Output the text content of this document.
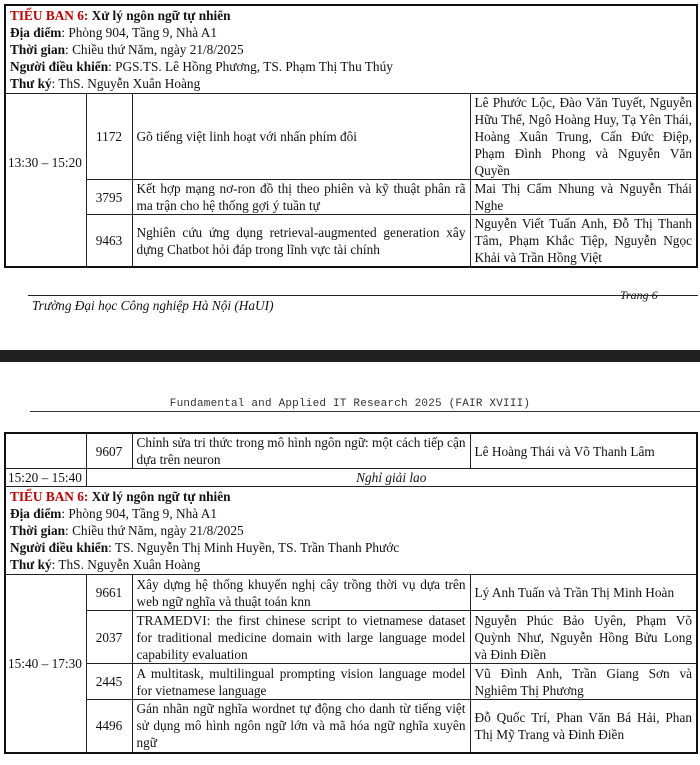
TIỂU BAN 6: Xử lý ngôn ngữ tự nhiên
Địa điểm: Phòng 904, Tầng 9, Nhà A1
Thời gian: Chiều thứ Năm, ngày 21/8/2025
Người điều khiển: PGS.TS. Lê Hồng Phương, TS. Phạm Thị Thu Thúy
Thư ký: ThS. Nguyễn Xuân Hoàng			

13:30 – 15:20	1172	Gõ tiếng việt linh hoạt với nhấn phím đôi	Lê Phước Lộc, Đào Văn Tuyết, Nguyễn Hữu Thể, Ngô Hoàng Huy, Tạ Yên Thái, Hoàng Xuân Trung, Cấn Đức Điệp, Phạm Đình Phong và Nguyễn Văn Quyền
	3795	Kết hợp mạng nơ-ron đồ thị theo phiên và kỹ thuật phân rã ma trận cho hệ thống gợi ý tuần tự	Mai Thị Cẩm Nhung và Nguyễn Thái Nghe
	9463	Nghiên cứu ứng dụng retrieval-augmented generation xây dựng Chatbot hỏi đáp trong lĩnh vực tài chính	Nguyễn Viết Tuấn Anh, Đỗ Thị Thanh Tâm, Phạm Khắc Tiệp, Nguyễn Ngọc Khải và Trần Hồng Việt
Trang 6
Trường Đại học Công nghiệp Hà Nội (HaUI)
Fundamental and Applied IT Research 2025 (FAIR XVIII)
	9607	Chỉnh sửa tri thức trong mô hình ngôn ngữ: một cách tiếp cận dựa trên neuron	Lê Hoàng Thái và Võ Thanh Lâm
15:20 – 15:40	Nghỉ giải lao		

TIỂU BAN 6: Xử lý ngôn ngữ tự nhiên
Địa điểm: Phòng 904, Tầng 9, Nhà A1
Thời gian: Chiều thứ Năm, ngày 21/8/2025
Người điều khiển: TS. Nguyễn Thị Minh Huyền, TS. Trần Thanh Phước
Thư ký: ThS. Nguyễn Xuân Hoàng			

15:40 – 17:30	9661	Xây dựng hệ thống khuyến nghị cây trồng thời vụ dựa trên web ngữ nghĩa và thuật toán knn	Lý Anh Tuấn và Trần Thị Minh Hoàn
	2037	TRAMEDVI: the first chinese script to vietnamese dataset for traditional medicine domain with large language model capability evaluation	Nguyễn Phúc Bảo Uyên, Phạm Võ Quỳnh Như, Nguyễn Hồng Bửu Long và Đinh Điền
	2445	A multitask, multilingual prompting vision language model for vietnamese language	Vũ Đình Anh, Trần Giang Sơn và Nghiêm Thị Phương
	4496	Gán nhãn ngữ nghĩa wordnet tự động cho danh từ tiếng việt sử dụng mô hình ngôn ngữ lớn và mã hóa ngữ nghĩa xuyên ngữ	Đỗ Quốc Trí, Phan Văn Bá Hải, Phan Thị Mỹ Trang và Đinh Điền
